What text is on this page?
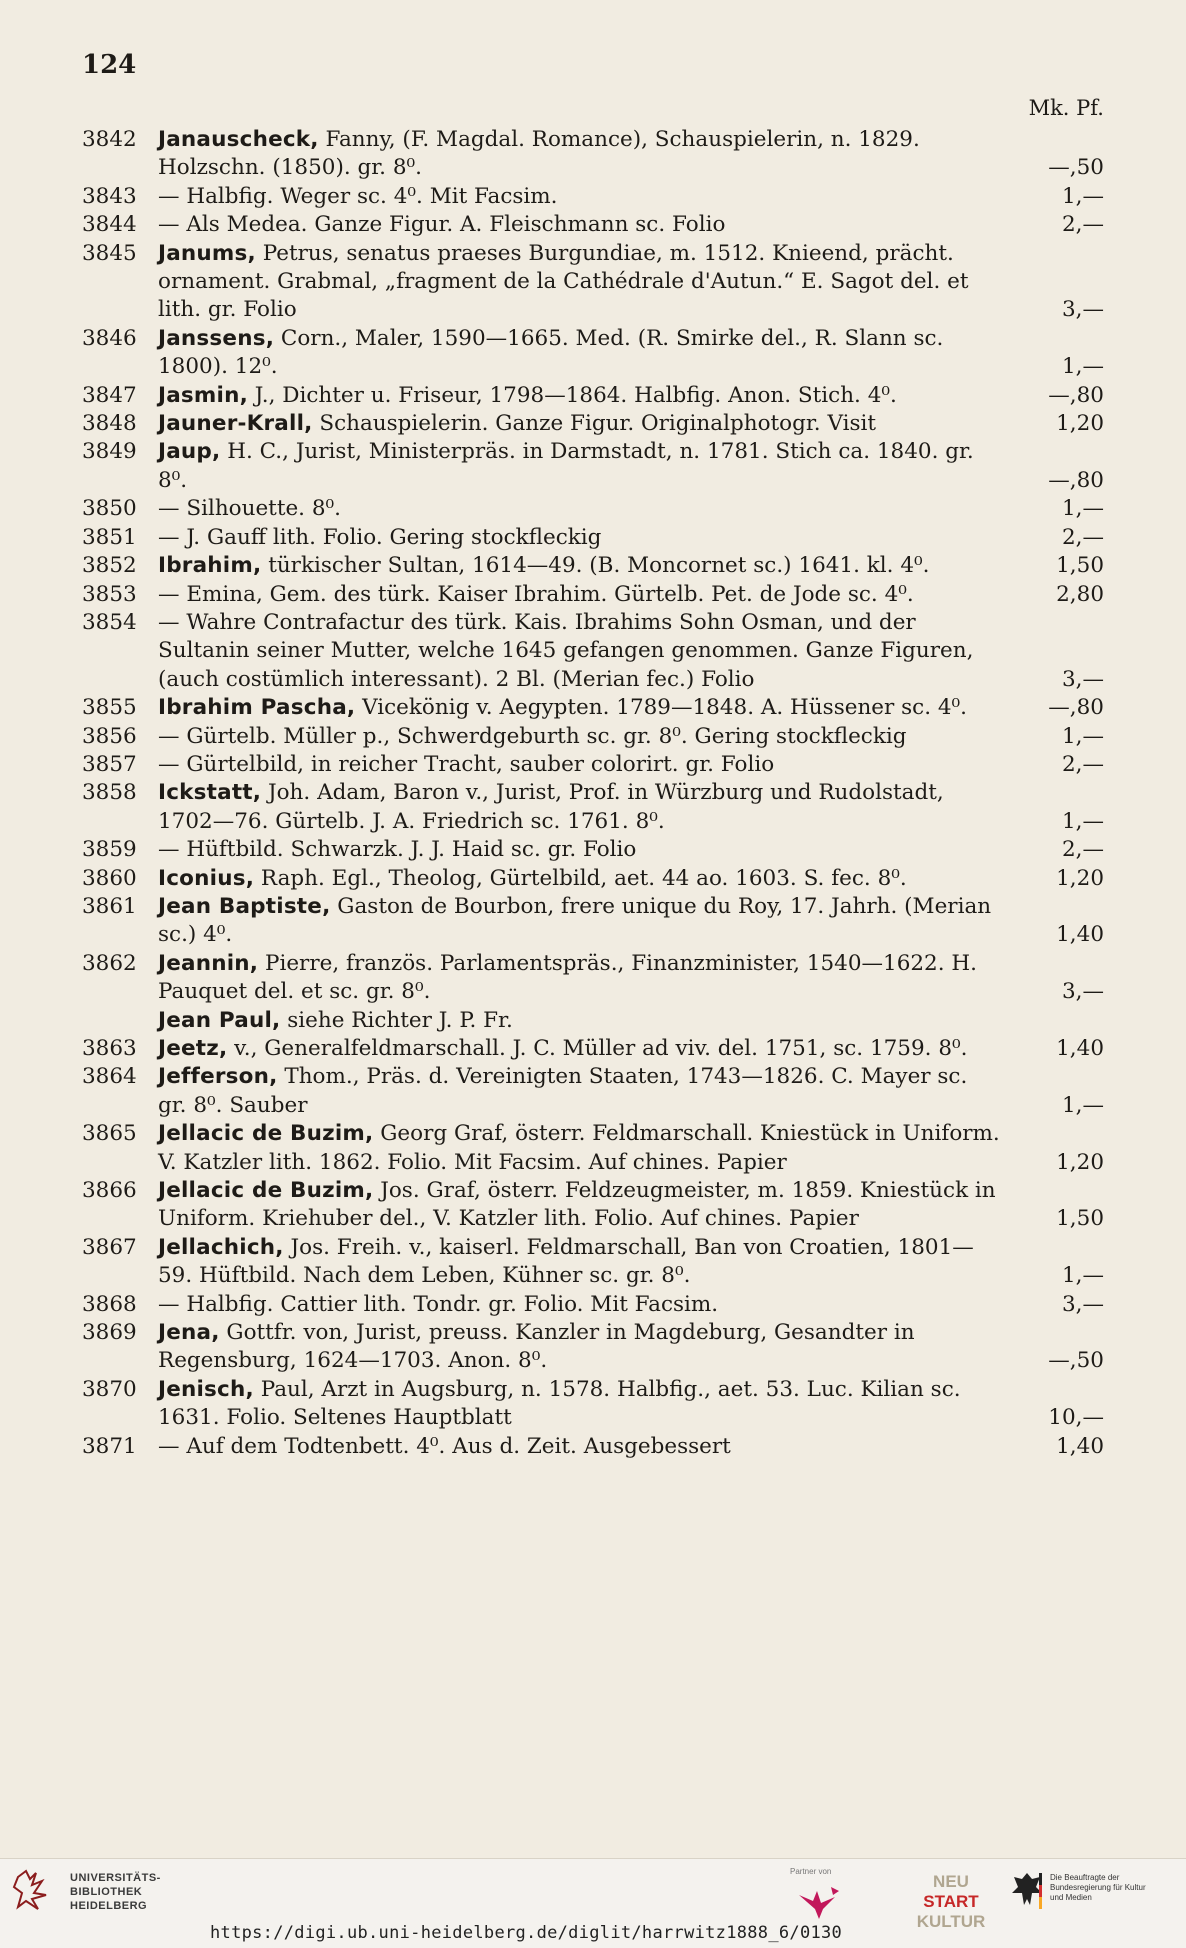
124
Mk. Pf.
3842 Janauscheck, Fanny, (F. Magdal. Romance), Schauspielerin, n. 1829. Holzschn. (1850). gr. 8⁰.	—,50
3843 — Halbfig. Weger sc. 4⁰. Mit Facsim.	1,—
3844 — Als Medea. Ganze Figur. A. Fleischmann sc. Folio	2,—
3845 Janums, Petrus, senatus praeses Burgundiae, m. 1512. Knieend, prächt. ornament. Grabmal, „fragment de la Cathédrale d'Autun.“ E. Sagot del. et lith. gr. Folio	3,—
3846 Janssens, Corn., Maler, 1590—1665. Med. (R. Smirke del., R. Slann sc. 1800). 12⁰.	1,—
3847 Jasmin, J., Dichter u. Friseur, 1798—1864. Halbfig. Anon. Stich. 4⁰.	—,80
3848 Jauner-Krall, Schauspielerin. Ganze Figur. Originalphotogr. Visit	1,20
3849 Jaup, H. C., Jurist, Ministerpräs. in Darmstadt, n. 1781. Stich ca. 1840. gr. 8⁰.	—,80
3850 — Silhouette. 8⁰.	1,—
3851 — J. Gauff lith. Folio. Gering stockfleckig	2,—
3852 Ibrahim, türkischer Sultan, 1614—49. (B. Moncornet sc.) 1641. kl. 4⁰.	1,50
3853 — Emina, Gem. des türk. Kaiser Ibrahim. Gürtelb. Pet. de Jode sc. 4⁰.	2,80
3854 — Wahre Contrafactur des türk. Kais. Ibrahims Sohn Osman, und der Sultanin seiner Mutter, welche 1645 gefangen genommen. Ganze Figuren, (auch costümlich interessant). 2 Bl. (Merian fec.) Folio	3,—
3855 Ibrahim Pascha, Vicekönig v. Aegypten. 1789—1848. A. Hüssener sc. 4⁰.	—,80
3856 — Gürtelb. Müller p., Schwerdgeburth sc. gr. 8⁰. Gering stockfleckig	1,—
3857 — Gürtelbild, in reicher Tracht, sauber colorirt. gr. Folio	2,—
3858 Ickstatt, Joh. Adam, Baron v., Jurist, Prof. in Würzburg und Rudolstadt, 1702—76. Gürtelb. J. A. Friedrich sc. 1761. 8⁰.	1,—
3859 — Hüftbild. Schwarzk. J. J. Haid sc. gr. Folio	2,—
3860 Iconius, Raph. Egl., Theolog, Gürtelbild, aet. 44 ao. 1603. S. fec. 8⁰.	1,20
3861 Jean Baptiste, Gaston de Bourbon, frere unique du Roy, 17. Jahrh. (Merian sc.) 4⁰.	1,40
3862 Jeannin, Pierre, französ. Parlamentspräs., Finanzminister, 1540—1622. H. Pauquet del. et sc. gr. 8⁰.	3,—
Jean Paul, siehe Richter J. P. Fr.
3863 Jeetz, v., Generalfeldmarschall. J. C. Müller ad viv. del. 1751, sc. 1759. 8⁰.	1,40
3864 Jefferson, Thom., Präs. d. Vereinigten Staaten, 1743—1826. C. Mayer sc. gr. 8⁰. Sauber	1,—
3865 Jellacic de Buzim, Georg Graf, österr. Feldmarschall. Kniestück in Uniform. V. Katzler lith. 1862. Folio. Mit Facsim. Auf chines. Papier	1,20
3866 Jellacic de Buzim, Jos. Graf, österr. Feldzeugmeister, m. 1859. Kniestück in Uniform. Kriehuber del., V. Katzler lith. Folio. Auf chines. Papier	1,50
3867 Jellachich, Jos. Freih. v., kaiserl. Feldmarschall, Ban von Croatien, 1801—59. Hüftbild. Nach dem Leben, Kühner sc. gr. 8⁰.	1,—
3868 — Halbfig. Cattier lith. Tondr. gr. Folio. Mit Facsim.	3,—
3869 Jena, Gottfr. von, Jurist, preuss. Kanzler in Magdeburg, Gesandter in Regensburg, 1624—1703. Anon. 8⁰.	—,50
3870 Jenisch, Paul, Arzt in Augsburg, n. 1578. Halbfig., aet. 53. Luc. Kilian sc. 1631. Folio. Seltenes Hauptblatt	10,—
3871 — Auf dem Todtenbett. 4⁰. Aus d. Zeit. Ausgebessert	1,40
UNIVERSITÄTS-
BIBLIOTHEK
HEIDELBERG
Partner von
NEU
START
KULTUR
Die Beauftragte der Bundesregierung für Kultur und Medien
https://digi.ub.uni-heidelberg.de/diglit/harrwitz1888_6/0130
